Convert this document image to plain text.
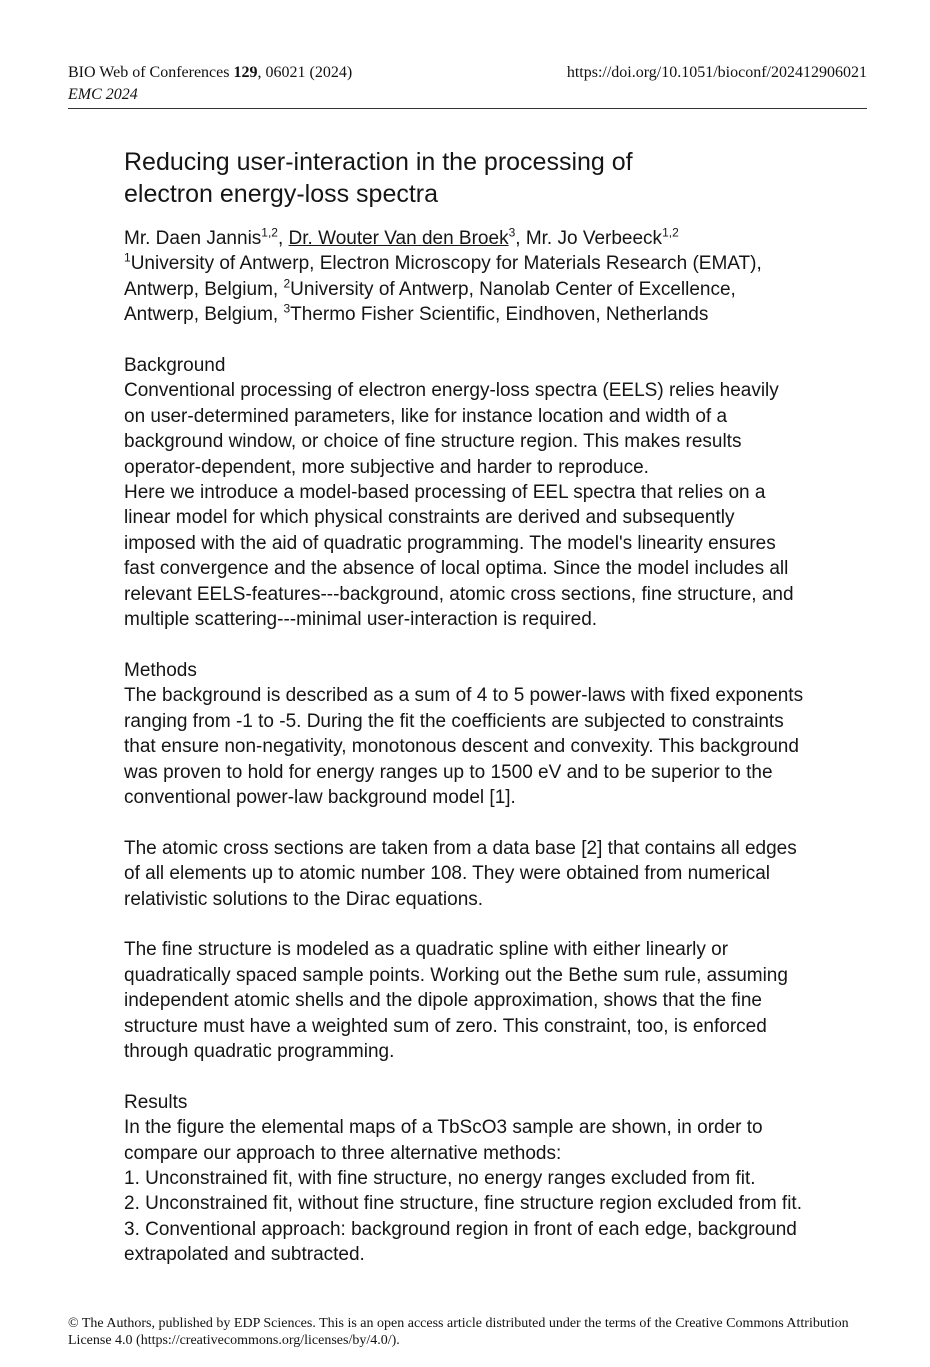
BIO Web of Conferences 129, 06021 (2024)	https://doi.org/10.1051/bioconf/202412906021
EMC 2024
Reducing user-interaction in the processing of
electron energy-loss spectra

Mr. Daen Jannis$^{1,2}$, Dr. Wouter Van den Broek$^3$, Mr. Jo Verbeeck$^{1,2}$

$^1$University of Antwerp, Electron Microscopy for Materials Research (EMAT), Antwerp, Belgium, $^2$University of Antwerp, Nanolab Center of Excellence, Antwerp, Belgium, $^3$Thermo Fisher Scientific, Eindhoven, Netherlands

Background

Conventional processing of electron energy-loss spectra (EELS) relies heavily on user-determined parameters, like for instance location and width of a background window, or choice of fine structure region. This makes results operator-dependent, more subjective and harder to reproduce.

Here we introduce a model-based processing of EEL spectra that relies on a linear model for which physical constraints are derived and subsequently imposed with the aid of quadratic programming. The model's linearity ensures fast convergence and the absence of local optima. Since the model includes all relevant EELS-features---background, atomic cross sections, fine structure, and multiple scattering---minimal user-interaction is required.

Methods

The background is described as a sum of 4 to 5 power-laws with fixed exponents ranging from -1 to -5. During the fit the coefficients are subjected to constraints that ensure non-negativity, monotonous descent and convexity. This background was proven to hold for energy ranges up to 1500 eV and to be superior to the conventional power-law background model [1].

The atomic cross sections are taken from a data base [2] that contains all edges of all elements up to atomic number 108. They were obtained from numerical relativistic solutions to the Dirac equations.

The fine structure is modeled as a quadratic spline with either linearly or quadratically spaced sample points. Working out the Bethe sum rule, assuming independent atomic shells and the dipole approximation, shows that the fine structure must have a weighted sum of zero. This constraint, too, is enforced through quadratic programming.

Results

In the figure the elemental maps of a TbScO3 sample are shown, in order to compare our approach to three alternative methods:

1. Unconstrained fit, with fine structure, no energy ranges excluded from fit.

2. Unconstrained fit, without fine structure, fine structure region excluded from fit.

3. Conventional approach: background region in front of each edge, background extrapolated and subtracted.

© The Authors, published by EDP Sciences. This is an open access article distributed under the terms of the Creative Commons Attribution License 4.0 (https://creativecommons.org/licenses/by/4.0/).
